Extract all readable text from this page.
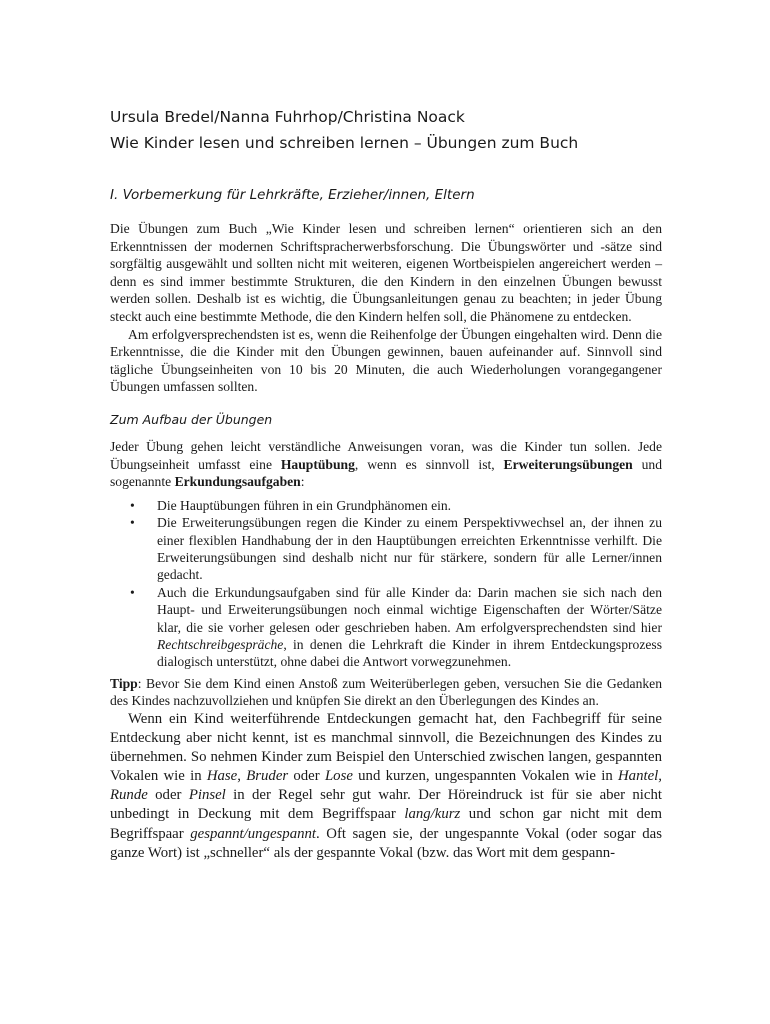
Ursula Bredel/Nanna Fuhrhop/Christina Noack
Wie Kinder lesen und schreiben lernen – Übungen zum Buch
I. Vorbemerkung für Lehrkräfte, Erzieher/innen, Eltern

Die Übungen zum Buch „Wie Kinder lesen und schreiben lernen“ orientieren sich an den Erkenntnissen der modernen Schriftspracherwerbsforschung. Die Übungswörter und -sätze sind sorgfältig ausgewählt und sollten nicht mit weiteren, eigenen Wortbeispielen angereichert werden – denn es sind immer bestimmte Strukturen, die den Kindern in den einzelnen Übungen bewusst werden sollen. Deshalb ist es wichtig, die Übungsanleitungen genau zu beachten; in jeder Übung steckt auch eine bestimmte Methode, die den Kindern helfen soll, die Phänomene zu entdecken.

Am erfolgversprechendsten ist es, wenn die Reihenfolge der Übungen eingehalten wird. Denn die Erkenntnisse, die die Kinder mit den Übungen gewinnen, bauen aufeinander auf. Sinnvoll sind tägliche Übungseinheiten von 10 bis 20 Minuten, die auch Wiederholungen vorangegangener Übungen umfassen sollten.

Zum Aufbau der Übungen

Jeder Übung gehen leicht verständliche Anweisungen voran, was die Kinder tun sollen. Jede Übungseinheit umfasst eine Hauptübung, wenn es sinnvoll ist, Erweiterungsübungen und sogenannte Erkundungsaufgaben:

• Die Hauptübungen führen in ein Grundphänomen ein.
• Die Erweiterungsübungen regen die Kinder zu einem Perspektivwechsel an, der ihnen zu einer flexiblen Handhabung der in den Hauptübungen erreichten Erkenntnisse verhilft. Die Erweiterungsübungen sind deshalb nicht nur für stärkere, sondern für alle Lerner/innen gedacht.
• Auch die Erkundungsaufgaben sind für alle Kinder da: Darin machen sie sich nach den Haupt- und Erweiterungsübungen noch einmal wichtige Eigenschaften der Wörter/Sätze klar, die sie vorher gelesen oder geschrieben haben. Am erfolgversprechendsten sind hier Rechtschreibgespräche, in denen die Lehrkraft die Kinder in ihrem Entdeckungsprozess dialogisch unterstützt, ohne dabei die Antwort vorwegzunehmen.

Tipp: Bevor Sie dem Kind einen Anstoß zum Weiterüberlegen geben, versuchen Sie die Gedanken des Kindes nachzuvollziehen und knüpfen Sie direkt an den Überlegungen des Kindes an.

Wenn ein Kind weiterführende Entdeckungen gemacht hat, den Fachbegriff für seine Entdeckung aber nicht kennt, ist es manchmal sinnvoll, die Bezeichnungen des Kindes zu übernehmen. So nehmen Kinder zum Beispiel den Unterschied zwischen langen, gespannten Vokalen wie in Hase, Bruder oder Lose und kurzen, ungespannten Vokalen wie in Hantel, Runde oder Pinsel in der Regel sehr gut wahr. Der Höreindruck ist für sie aber nicht unbedingt in Deckung mit dem Begriffspaar lang/kurz und schon gar nicht mit dem Begriffspaar gespannt/ungespannt. Oft sagen sie, der ungespannte Vokal (oder sogar das ganze Wort) ist „schneller“ als der gespannte Vokal (bzw. das Wort mit dem gespann-
